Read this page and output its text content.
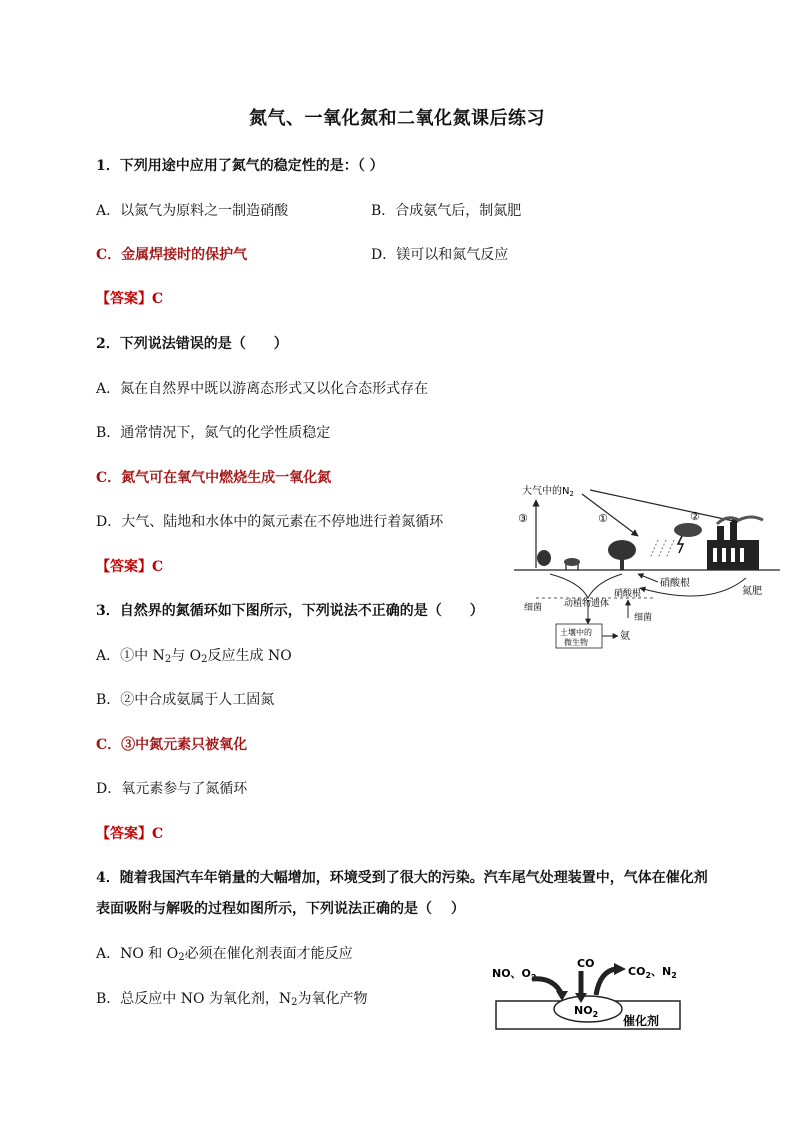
氮气、一氧化氮和二氧化氮课后练习
1．下列用途中应用了氮气的稳定性的是：（ ）
A．以氮气为原料之一制造硝酸	B．合成氨气后，制氮肥
C．金属焊接时的保护气	D．镁可以和氮气反应
【答案】C
2．下列说法错误的是（　　）
A．氮在自然界中既以游离态形式又以化合态形式存在
B．通常情况下，氮气的化学性质稳定
C．氮气可在氧气中燃烧生成一氧化氮
D．大气、陆地和水体中的氮元素在不停地进行着氮循环
【答案】C
3．自然界的氮循环如下图所示，下列说法不正确的是（　　）
A．①中 $N_2$与 $O_2$反应生成 NO
B．②中合成氨属于人工固氮
C．③中氮元素只被氧化
D．氧元素参与了氮循环
【答案】C
大气中的$N_2$
③	①	②
硝酸根
氮肥
细菌 动植物遗体
硝酸根
细菌
土壤中的
微生物
氨
4．随着我国汽车年销量的大幅增加，环境受到了很大的污染。汽车尾气处理装置中，气体在催化剂
表面吸附与解吸的过程如图所示，下列说法正确的是（　 ）
A．NO 和 $O_2$必须在催化剂表面才能反应
B．总反应中 NO 为氧化剂，$N_2$为氧化产物
NO、$O_2$
CO
$CO_2$、$N_2$
$NO_2$ 催化剂
